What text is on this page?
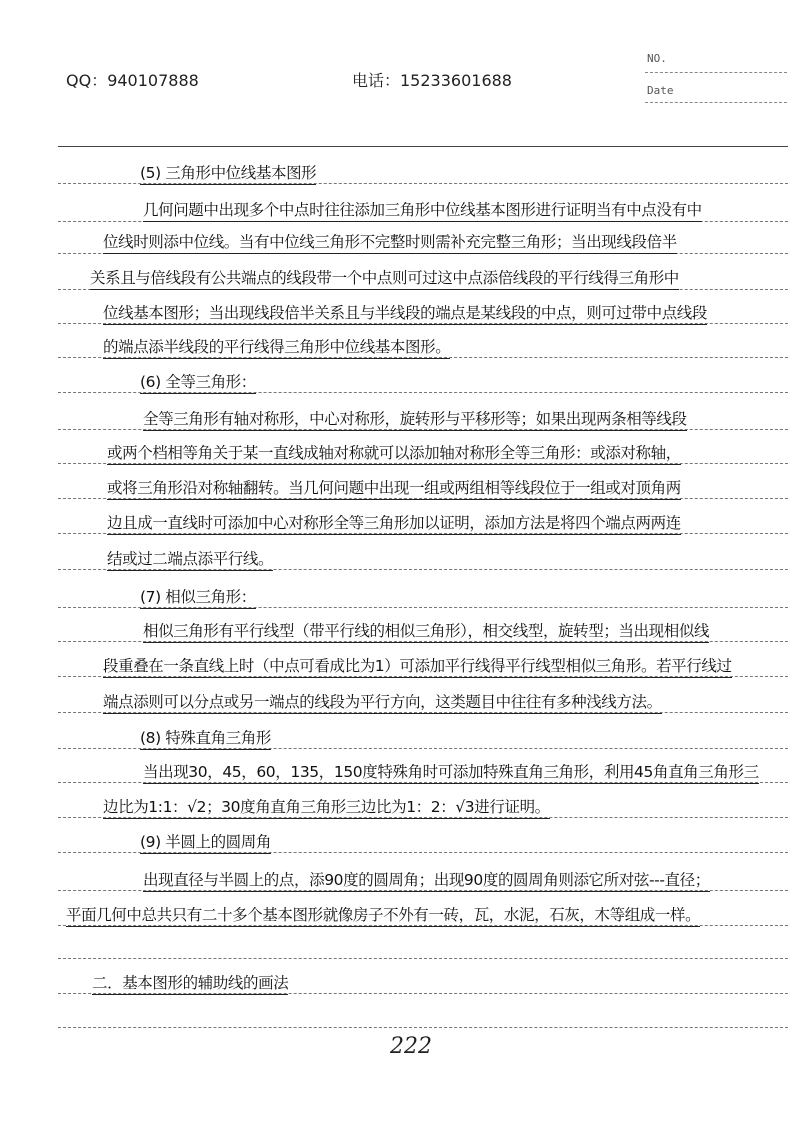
QQ：940107888	电话：15233601688
NO.
Date
(5) 三角形中位线基本图形
几何问题中出现多个中点时往往添加三角形中位线基本图形进行证明当有中点没有中
位线时则添中位线。当有中位线三角形不完整时则需补充完整三角形；当出现线段倍半
关系且与倍线段有公共端点的线段带一个中点则可过这中点添倍线段的平行线得三角形中
位线基本图形；当出现线段倍半关系且与半线段的端点是某线段的中点，则可过带中点线段
的端点添半线段的平行线得三角形中位线基本图形。
(6) 全等三角形：
全等三角形有轴对称形，中心对称形，旋转形与平移形等；如果出现两条相等线段
或两个档相等角关于某一直线成轴对称就可以添加轴对称形全等三角形：或添对称轴，
或将三角形沿对称轴翻转。当几何问题中出现一组或两组相等线段位于一组或对顶角两
边且成一直线时可添加中心对称形全等三角形加以证明，添加方法是将四个端点两两连
结或过二端点添平行线。
(7) 相似三角形：
相似三角形有平行线型（带平行线的相似三角形），相交线型，旋转型；当出现相似线
段重叠在一条直线上时（中点可看成比为1）可添加平行线得平行线型相似三角形。若平行线过
端点添则可以分点或另一端点的线段为平行方向，这类题目中往往有多种浅线方法。
(8) 特殊直角三角形
当出现30，45，60，135，150度特殊角时可添加特殊直角三角形，利用45角直角三角形三
边比为1:1：√2；30度角直角三角形三边比为1：2：√3进行证明。
(9) 半圆上的圆周角
出现直径与半圆上的点，添90度的圆周角；出现90度的圆周角则添它所对弦---直径；
平面几何中总共只有二十多个基本图形就像房子不外有一砖，瓦，水泥，石灰，木等组成一样。
二．基本图形的辅助线的画法
222
